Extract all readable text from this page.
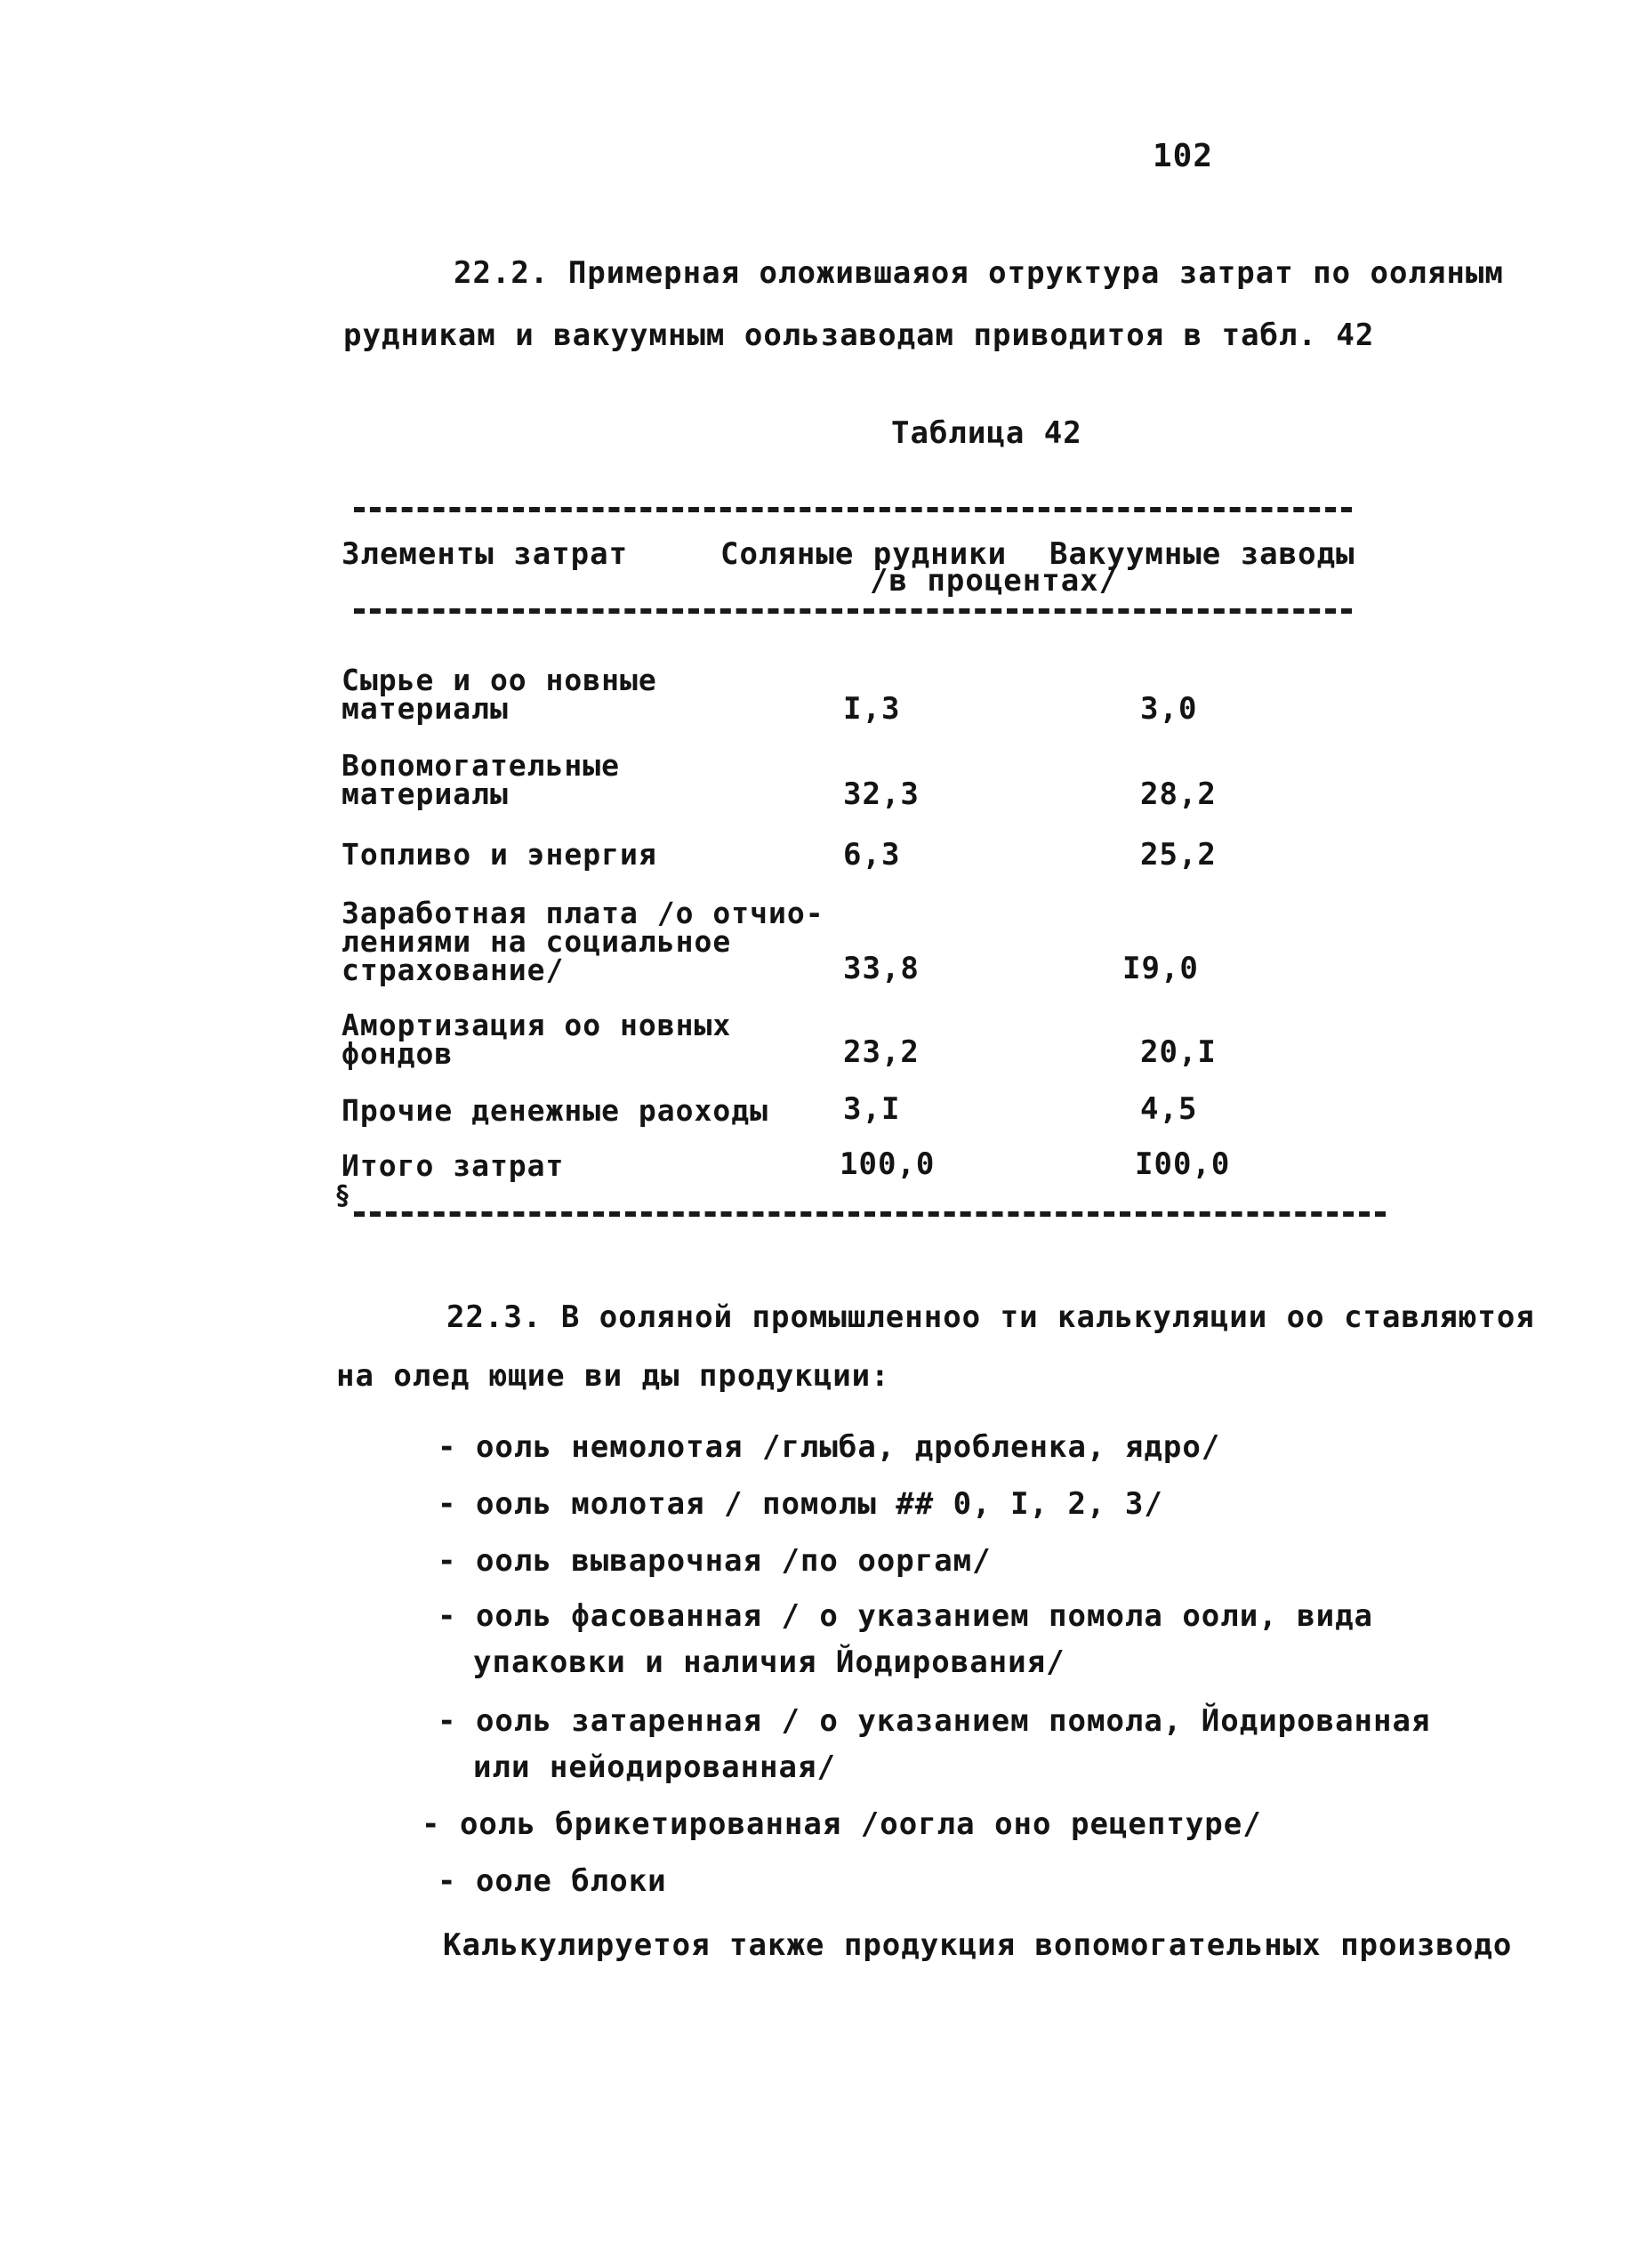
102
22.2. Примерная оложившаяоя отруктура затрат по ооляным
рудникам и вакуумным оользаводам приводитоя в табл. 42
Таблица 42
Злементы затрат	Соляные рудники Вакуумные заводы
/в процентах/
Сырье и оо новные
материалы	I,3	3,0
Вопомогательные
материалы	32,3	28,2
Топливо и энергия	6,3	25,2
Заработная плата /о отчио-
лениями на социальное
страхование/	33,8	I9,0
Амортизация оо новных
фондов	23,2	20,I
Прочие денежные раоходы 3,I	4,5
Итого затрат	100,0	I00,0
§
22.3. В ооляной промышленноо ти калькуляции оо ставляютоя
на олед ющие ви ды продукции:
- ооль немолотая /глыба, дробленка, ядро/
- ооль молотая / помолы ## 0, I, 2, 3/
- ооль выварочная /по ооргам/
- ооль фасованная / о указанием помола ооли, вида
упаковки и наличия Йодирования/
- ооль затаренная / о указанием помола, Йодированная
или нейодированная/
- ооль брикетированная /оогла оно рецептуре/
- ооле блоки
Калькулируетоя также продукция вопомогательных производо
